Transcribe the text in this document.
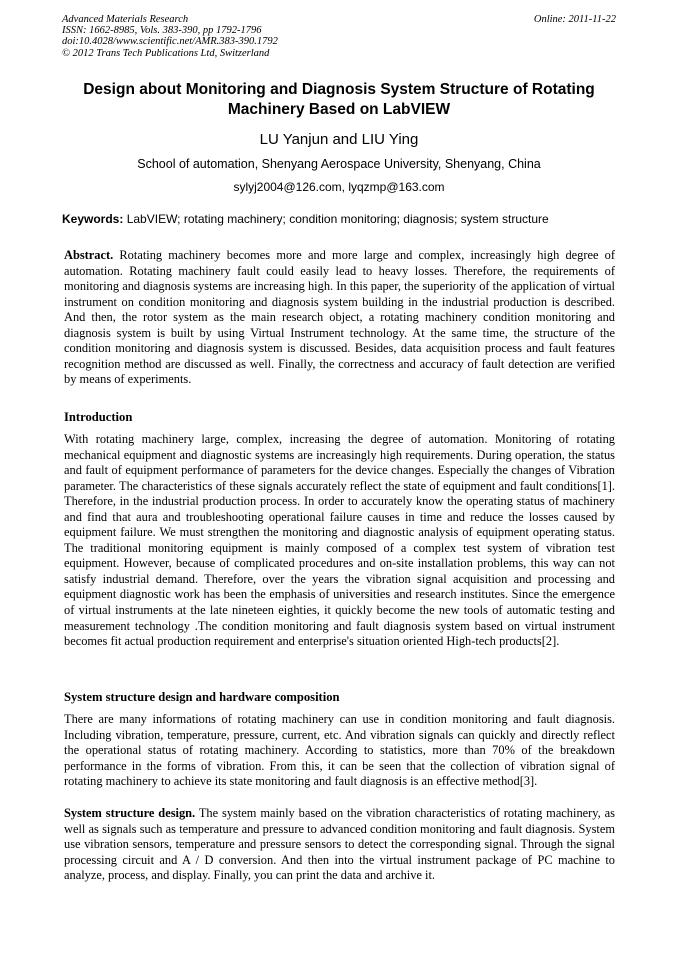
Advanced Materials Research	Online: 2011-11-22
ISSN: 1662-8985, Vols. 383-390, pp 1792-1796
doi:10.4028/www.scientific.net/AMR.383-390.1792
© 2012 Trans Tech Publications Ltd, Switzerland
Design about Monitoring and Diagnosis System Structure of Rotating Machinery Based on LabVIEW
LU Yanjun and LIU Ying
School of automation, Shenyang Aerospace University, Shenyang, China
sylyj2004@126.com, lyqzmp@163.com
Keywords: LabVIEW; rotating machinery; condition monitoring; diagnosis; system structure
Abstract. Rotating machinery becomes more and more large and complex, increasingly high degree of automation. Rotating machinery fault could easily lead to heavy losses. Therefore, the requirements of monitoring and diagnosis systems are increasing high. In this paper, the superiority of the application of virtual instrument on condition monitoring and diagnosis system building in the industrial production is described. And then, the rotor system as the main research object, a rotating machinery condition monitoring and diagnosis system is built by using Virtual Instrument technology. At the same time, the structure of the condition monitoring and diagnosis system is discussed. Besides, data acquisition process and fault features recognition method are discussed as well. Finally, the correctness and accuracy of fault detection are verified by means of experiments.
Introduction
With rotating machinery large, complex, increasing the degree of automation. Monitoring of rotating mechanical equipment and diagnostic systems are increasingly high requirements. During operation, the status and fault of equipment performance of parameters for the device changes. Especially the changes of Vibration parameter. The characteristics of these signals accurately reflect the state of equipment and fault conditions[1]. Therefore, in the industrial production process. In order to accurately know the operating status of machinery and find that aura and troubleshooting operational failure causes in time and reduce the losses caused by equipment failure. We must strengthen the monitoring and diagnostic analysis of equipment operating status. The traditional monitoring equipment is mainly composed of a complex test system of vibration test equipment. However, because of complicated procedures and on-site installation problems, this way can not satisfy industrial demand. Therefore, over the years the vibration signal acquisition and processing and equipment diagnostic work has been the emphasis of universities and research institutes. Since the emergence of virtual instruments at the late nineteen eighties, it quickly become the new tools of automatic testing and measurement technology .The condition monitoring and fault diagnosis system based on virtual instrument becomes fit actual production requirement and enterprise's situation oriented High-tech products[2].
System structure design and hardware composition
There are many informations of rotating machinery can use in condition monitoring and fault diagnosis. Including vibration, temperature, pressure, current, etc. And vibration signals can quickly and directly reflect the operational status of rotating machinery. According to statistics, more than 70% of the breakdown performance in the forms of vibration. From this, it can be seen that the collection of vibration signal of rotating machinery to achieve its state monitoring and fault diagnosis is an effective method[3].
System structure design. The system mainly based on the vibration characteristics of rotating machinery, as well as signals such as temperature and pressure to advanced condition monitoring and fault diagnosis. System use vibration sensors, temperature and pressure sensors to detect the corresponding signal. Through the signal processing circuit and A / D conversion. And then into the virtual instrument package of PC machine to analyze, process, and display. Finally, you can print the data and archive it.
